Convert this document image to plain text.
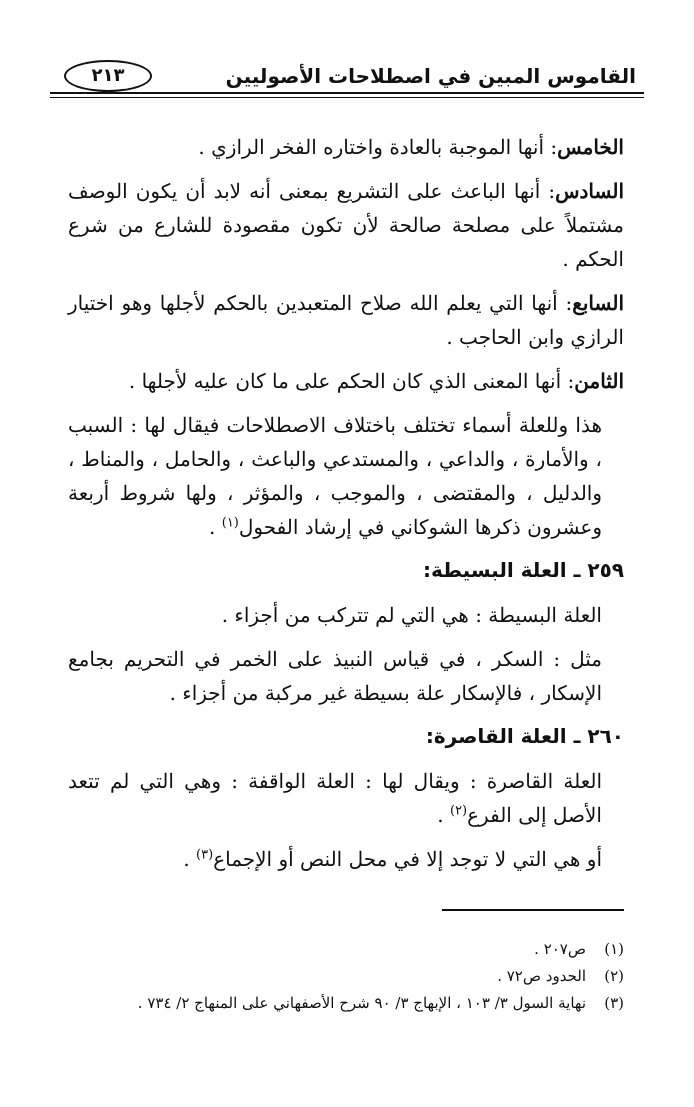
القاموس المبين في اصطلاحات الأصوليين
٢١٣

الخامس: أنها الموجبة بالعادة واختاره الفخر الرازي .

السادس: أنها الباعث على التشريع بمعنى أنه لابد أن يكون الوصف مشتملاً على مصلحة صالحة لأن تكون مقصودة للشارع من شرع الحكم .

السابع: أنها التي يعلم الله صلاح المتعبدين بالحكم لأجلها وهو اختيار الرازي وابن الحاجب .

الثامن: أنها المعنى الذي كان الحكم على ما كان عليه لأجلها .

هذا وللعلة أسماء تختلف باختلاف الاصطلاحات فيقال لها : السبب ، والأمارة ، والداعي ، والمستدعي والباعث ، والحامل ، والمناط ، والدليل ، والمقتضى ، والموجب ، والمؤثر ، ولها شروط أربعة وعشرون ذكرها الشوكاني في إرشاد الفحول$^{(١)}$ .

٢٥٩ ـ العلة البسيطة:

العلة البسيطة : هي التي لم تتركب من أجزاء .

مثل : السكر ، في قياس النبيذ على الخمر في التحريم بجامع الإسكار ، فالإسكار علة بسيطة غير مركبة من أجزاء .

٢٦٠ ـ العلة القاصرة:

العلة القاصرة : ويقال لها : العلة الواقفة : وهي التي لم تتعد الأصل إلى الفرع$^{(٢)}$ .

أو هي التي لا توجد إلا في محل النص أو الإجماع$^{(٣)}$ .

(١)ص٢٠٧ .
(٢)الحدود ص٧٢ .
(٣)نهاية السول ٣/ ١٠٣ ، الإبهاج ٣/ ٩٠ شرح الأصفهاني على المنهاج ٢/ ٧٣٤ .
